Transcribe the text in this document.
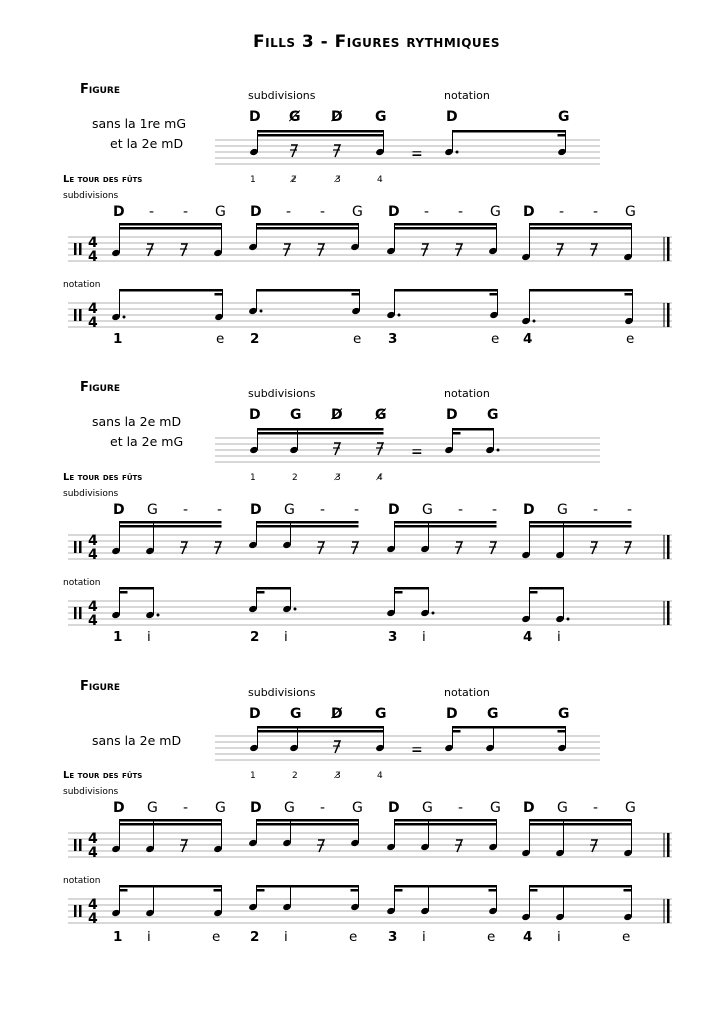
Fills 3 - Figures rythmiques
Figure
sans la 1re mG
et la 2e mD
subdivisions	notation
D G̸ D̸ G	D	G
=
1	2̸	3̸	4
Le tour des fûts
subdivisions
notation
D - - G D - - G D - - G D - - G
1	e 2	e 3	e 4	e
Figure
sans la 2e mD
et la 2e mG
subdivisions	notation
D G D̸ G̸	D G
=
1	2	3̸	4̸
Le tour des fûts
subdivisions
notation
D G - - D G - - D G - - D G - -
1 i	2 i	3 i	4 i
Figure
sans la 2e mD
subdivisions	notation
D G D̸ G	D G	G
=
1	2	3̸	4
Le tour des fûts
subdivisions
notation
D G - G D G - G D G - G D G - G
1 i	e 2 i	e 3 i	e 4 i	e
4
4
4
4
4
4
4
4
4
4
4
4
